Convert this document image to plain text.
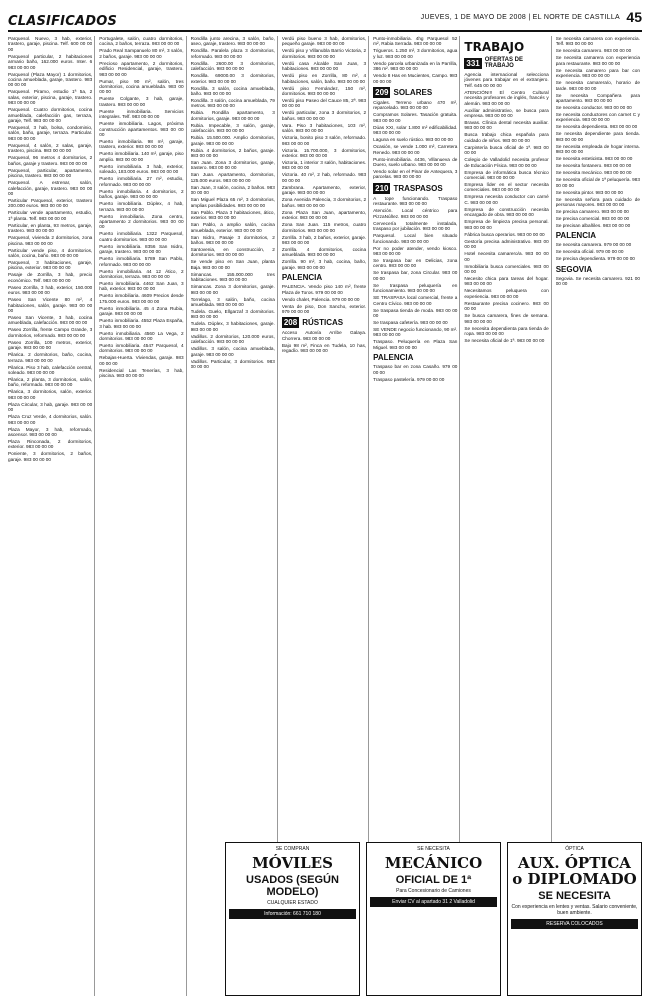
CLASIFICADOS	JUEVES, 1 DE MAYO DE 2008 | EL NORTE DE CASTILLA 45
Parquesol. Nuevo, 3 hab, exterior, trastero, garaje, piscina. Telf. 600 00 00 00
Parquesol particular, 2 habitaciones armario baño, 162.000 euros. Inter. 6 983 00 00 00
Parquesol (Plaza Mayor) 1 dormitorios, cocina amueblada, garaje, trastero. 983 00 00 00
Parquesol. Piramo, estudio 1ª 5a, 2 salas, exterior, piscina, garaje, trastero. 983 00 00 00
Parquesol. Cuatro dormitorios, cocina amueblada, calefacción gas, terraza, garaje, Telf. 983 00 00 00
Parquesol, 3 hab, bolsa, condominio, salón, baño, garaje, terraza. Particular. 983 00 00 00
Parquesol, 4 salón, 2 salas, garaje, trastero, piscina. 983 00 00 00
Parquesol, 96 metros 4 dormitorios, 2 baños, garaje y trastero. 983 00 00 00
Parquesol, particular, apartamento, piscina, trastero. 983 00 00 00
Parquesol. A estrenar, salón, calefacción, garaje, trastero. 983 00 00 00
Particular Parquesol, exterior, trastero 200.000 euros. 983 00 00 00
Particular vende apartamento, estudio, 1ª planta. Telf. 983 00 00 00
Particular, en planta, 93 metros, garaje, trastero. 983 00 00 00
Parquesol, vivienda 2 dormitorios, zona piscina. 983 00 00 00
Particular vende piso, 4 dormitorios, salón, cocina, baño. 983 00 00 00
Parquesol, 3 habitaciones, garaje, piscina, exterior. 983 00 00 00
Pasaje de Zorrilla, 3 hab, precio económico. Telf. 983 00 00 00
Paseo Zorrilla, 3 hab, exterior, 150.000 euros. 983 00 00 00
Paseo San Vicente 80 m², 4 habitaciones, salón, garaje. 983 00 00 00
Paseo San Vicente, 3 hab, cocina amueblada, calefacción. 983 00 00 00
Paseo Zorrilla, frente Campo Grande, 3 dormitorios, reformado. 983 00 00 00
Paseo Zorrilla, 100 metros, exterior, garaje. 983 00 00 00
Pilarica. 2 dormitorios, baño, cocina, terraza. 983 00 00 00
Pilarica. Piso 3 hab, calefacción central, soleado. 983 00 00 00
Pilarica, 2 planta, 3 dormitorios, salón, baño, reformado. 983 00 00 00
Pilarica, 3 dormitorios, salón, exterior. 983 00 00 00
Plaza Circular, 3 hab, garaje. 983 00 00 00
Plaza Cruz Verde, 4 dormitorios, salón. 983 00 00 00
Plaza Mayor, 3 hab, reformado, ascensor. 983 00 00 00
Plaza Rinconada, 2 dormitorios, exterior. 983 00 00 00
Poniente, 3 dormitorios, 2 baños, garaje. 983 00 00 00
Portugalete, salón, cuatro dormitorios, cocina, 2 baños, terraza. 983 00 00 00
Prado Real Sampanuelo 80 m², 3 salón, 2 baños, garaje. 983 00 00 00
Precioso apartamento, 2 dormitorios, edificio Residencial, garaje, trastero. 983 00 00 00
Pumar, piso 90 m², salón, tres dormitorios, cocina amueblada. 983 00 00 00
Puente Colgante, 3 hab, garaje, trastero. 983 00 00 00
Puente inmobiliaria. Servicios integrales. Telf. 983 00 00 00
Puente inmobiliaria. Lagos, próxima construcción apartamentos. 983 00 00 00
Puerto inmobiliaria. 98 m², garaje, trastero, exterior. 983 00 00 00
Puerto inmobiliaria. 140 m², garaje, piso amplio. 983 00 00 00
Puerto inmobiliaria. 3 hab, exterior, soleado, 183.000 euros. 983 00 00 00
Puerto inmobiliaria. 27 m², estudio, reformado. 983 00 00 00
Puerto inmobiliaria. 4 dormitorios, 2 baños, garaje. 983 00 00 00
Puerto inmobiliaria. Dúplex, 4 hab, terraza. 983 00 00 00
Puerto inmobiliaria. Zona centro, apartamento 2 dormitorios. 983 00 00 00
Puerto inmobiliaria. 1322 Parquesol, cuatro dormitorios. 983 00 00 00
Puerto inmobiliaria. 8356 San Isidro, garaje, trastero. 983 00 00 00
Puerto inmobiliaria. 5789 San Pablo, reformado. 983 00 00 00
Puerto inmobiliaria. 44 12 Ático, 2 dormitorios, terraza. 983 00 00 00
Puerto inmobiliaria. 4462 San Juan, 3 hab, exterior. 983 00 00 00
Puerto inmobiliaria. 4609 Precios desde 175.000 euros. 983 00 00 00
Puerto inmobiliaria. 45 4 Zona Rubia, garaje. 983 00 00 00
Puerto inmobiliaria. 4552 Plaza España, 3 hab. 983 00 00 00
Puerto inmobiliaria. 4560 La Vega, 2 dormitorios. 983 00 00 00
Puerto inmobiliaria. 4547 Parquesol, 4 dormitorios. 983 00 00 00
Rebajas-Huerta. Viviendas, garaje. 983 00 00 00
Residencial Las Tenerías, 3 hab, piscina. 983 00 00 00
Rondilla junto arecina, 3 salón, baño, aseo, garaje, trastero. 983 00 00 00
Rondilla. Paralela plaza 3 dormitorios, reformado. 983 00 00 00
Rondilla. 2600.00 3 dormitorios, calefacción. 983 00 00 00
Rondilla. 69000.00 3 dormitorios, exterior. 983 00 00 00
Rondilla. 3 salón, cocina amueblada, baño. 983 00 00 00
Rondilla. 3 salón, cocina amueblada, 79 metros. 983 00 00 00
Rubia. Rondilla apartamento, 3 dormitorios, garaje. 983 00 00 00
Rubia. Impecable, 3 salón, garaje, calefacción. 983 00 00 00
Rubia. 15.500.000. Amplio dormitorios, garaje. 983 00 00 00
Rubia. 4 dormitorios, 2 baños, garaje. 983 00 00 00
San Juan. Zona 3 dormitorios, garaje, trastero. 983 00 00 00
San Juan. Apartamento, dormitorios, 125.000 euros. 983 00 00 00
San Juan, 3 salón, cocina, 2 baños. 983 00 00 00
San Miguel Plaza 65 m², 3 dormitorios, amplias posibilidades. 983 00 00 00
San Pablo. Plaza 3 habitaciones, ático, exterior. 983 00 00 00
San Pablo, a amplio salón, cocina amueblada, exterior. 983 00 00 00
San Isidro, Pasaje 3 dormitorios, 2 baños. 983 00 00 00
Santovenia, en construcción, 2 dormitorios. 983 00 00 00
Se vende piso en San Juan, planta Baja. 983 00 00 00
Simancas. 155.000.000 tres habitaciones. 983 00 00 00
Simancas. Zona 3 dormitorios, garaje. 983 00 00 00
Torrelago, 3 salón, baño, cocina amueblada. 983 00 00 00
Tudela. Guelo, Ellgarzaf 3 dormitorios. 983 00 00 00
Tudela. Dúplex, 3 habitaciones, garaje. 983 00 00 00
Vadillos. 2 dormitorios, 120.000 euros, calefacción. 983 00 00 00
Vadillos. 3 salón, cocina amueblada, garaje. 983 00 00 00
Vadillos. Particular, 3 dormitorios. 983 00 00 00
Verdú piso bueno 3 hab, dormitorios, pequeño garaje. 983 00 00 00
Verdú piso y Villanubla Barrio Victoria, 2 dormitorios. 983 00 00 00
Verdú casa Alcalde San Juan, 3 habitaciones. 983 00 00 00
Verdú piso en Zorrilla, 80 m², 4 habitaciones, salón, baño. 983 00 00 00
Verdú piso Fernández, 150 m², dormitorios. 983 00 00 00
Verdú piso Paseo del Cauce 85, 2ª. 983 00 00 00
Verdú particular, zona 3 dormitorios, 2 baños. 983 00 00 00
Vara. Piso 3 habitaciones, 103 m², salón. 983 00 00 00
Victoria, bonito piso 3 salón, reformado. 983 00 00 00
Victoria. 15.700.000, 3 dormitorios, exterior. 983 00 00 00
Victoria, 1 interior 3 salón, habitaciones. 983 00 00 00
Victoria. 40 m², 2 hab, reformado. 983 00 00 00
Zambrana. Apartamento, exterior, garaje. 983 00 00 00
Zona Avenida Palencia, 3 dormitorios, 2 baños. 983 00 00 00
Zona Plaza San Juan, apartamento, exterior. 983 00 00 00
Zona San Juan. 115 metros, cuatro dormitorios. 983 00 00 00
Zorrilla. 3 hab, 2 baños, exterior, garaje. 983 00 00 00
Zorrilla. 4 dormitorios, cocina amueblada. 983 00 00 00
Zorrilla. 90 m², 3 hab, cocina, baño, garaje. 983 00 00 00
PALENCIA
PALENCIA. Vendo piso 140 m², frente Plaza de Toros. 979 00 00 00
Vendo chalet, Palencia. 979 00 00 00
Venta de piso, Don Sancho, exterior. 979 00 00 00
208 RÚSTICAS
Acceso Autovía Arribe Galaya. Chorrera. 983 00 00 00
Bajo 98 m², Finca en Tudela, 10 has, regadío. 983 00 00 00
Punto-inmobiliaria. 4hg Parquesol 52 m², Rabia Serrada. 983 00 00 00
Trigueros. 1.250 m², 3 dormitorios, agua y luz. 983 00 00 00
Vendo parcela urbanizada en la Parrilla, 386 m². 983 00 00 00
Vendo 8 Has en Mucientes, Campo. 983 00 00 00
209 SOLARES
Cigales. Terreno urbano 470 m², reparcelado. 983 00 00 00
Compramos Solares. Tasación gratuita. 983 00 00 00
Dúas XXI, solar 1.800 m² edificabilidad. 983 00 00 00
Laguna en suelo rústico. 983 00 00 00
Ocasión, se vende 1.000 m², Carretera Renedo. 983 00 00 00
Punto-inmobiliaria. 4436, Villanueva de Duero, suelo urbano. 983 00 00 00
Vendo solar en el Pinar de Antequera, 3 parcelas. 983 00 00 00
210 TRASPASOS
A tope funcionando. Traspaso restaurante. 983 00 00 00
Atención. Local céntrico para PizzaNúñez. 983 00 00 00
Cervecería totalmente instalada, traspaso por jubilación. 983 00 00 00
Parquesol. Local bien situado funcionando. 983 00 00 00
Por no poder atender, vendo kiosco. 983 00 00 00
Se traspasa bar en Delicias, zona centro. 983 00 00 00
Se traspasa bar, zona Circular. 983 00 00 00
Se traspasa peluquería en funcionamiento. 983 00 00 00
SE TRASPASA local comercial, frente a Centro Cívico. 983 00 00 00
Se traspasa tienda de moda. 983 00 00 00
Se traspasa cafetería. 983 00 00 00
SE VENDE negocio funcionando, 90 m². 983 00 00 00
Traspaso. Peluquería en Plaza San Miguel. 983 00 00 00
PALENCIA
Traspaso bar en zona Casaño. 979 00 00 00
Traspaso pastelería. 979 00 00 00
TRABAJO
331 OFERTAS DE TRABAJO
Agencia internacional selecciona jóvenes para trabajar en el extranjero. Telf. 645 00 00 00
ATENCIÓN!!! El Centro Cultural necesita profesores de inglés, francés y alemán. 983 00 00 00
Auxiliar administrativo, se busca para empresa. 983 00 00 00
Bravas. Clínica dental necesita auxiliar. 983 00 00 00
Busca trabajo chica española para cuidado de niños. 983 00 00 00
Carpintería busca oficial de 1ª. 983 00 00 00
Colegio de Valladolid necesita profesor de Educación Física. 983 00 00 00
Empresa de informática busca técnico comercial. 983 00 00 00
Empresa líder en el sector necesita comerciales. 983 00 00 00
Empresa necesita conductor con carné C. 983 00 00 00
Empresa de construcción necesita encargado de obra. 983 00 00 00
Empresa de limpieza precisa personal. 983 00 00 00
Fábrica busca operarios. 983 00 00 00
Gestoría precisa administrativo. 983 00 00 00
Hotel necesita camarero/a. 983 00 00 00
Inmobiliaria busca comerciales. 983 00 00 00
Necesito chica para tareas del hogar. 983 00 00 00
Necesitamos peluquera con experiencia. 983 00 00 00
Restaurante precisa cocinero. 983 00 00 00
Se busca camarera, fines de semana. 983 00 00 00
Se necesita dependienta para tienda de ropa. 983 00 00 00
Se necesita oficial de 1ª. 983 00 00 00
Se necesita camarera con experiencia. Telf. 983 00 00 00
Se necesita camarero. 983 00 00 00
Se necesita camarera con experiencia para restaurante. 983 00 00 00
Se necesita camarero para bar con experiencia. 983 00 00 00
Se necesita camarera/o, horario de tarde. 983 00 00 00
Se necesita Compañera para apartamento. 983 00 00 00
Se necesita conductor. 983 00 00 00
Se necesita conductores con carnet C y experiencia. 983 00 00 00
Se necesita dependienta. 983 00 00 00
Se necesita dependiente para tienda. 983 00 00 00
Se necesita empleada de hogar interna. 983 00 00 00
Se necesita esteticista. 983 00 00 00
Se necesita fontanero. 983 00 00 00
Se necesita mecánico. 983 00 00 00
Se necesita oficial de 1ª peluquería. 983 00 00 00
Se necesita pintor. 983 00 00 00
Se necesita señora para cuidado de personas mayores. 983 00 00 00
Se precisa camarero. 983 00 00 00
Se precisa comercial. 983 00 00 00
Se precisan albañiles. 983 00 00 00
PALENCIA
Se necesita camarera. 979 00 00 00
Se necesita oficial. 979 00 00 00
Se precisa dependienta. 979 00 00 00
SEGOVIA
Segovia. Se necesita camarero. 921 00 00 00
SE COMPRAN
MÓVILES
USADOS (SEGÚN MODELO)
CUALQUIER ESTADO
Información: 661 710 180
SE NECESITA
MECÁNICO
OFICIAL DE 1ª
Para Concesionario de Camiones
Enviar CV al apartado 31 2 Valladolid
ÓPTICA
AUX. ÓPTICA o DIPLOMADO
SE NECESITA
Con experiencia en lentes y ventas. Salario conveniente, buen ambiente.
RESERVA COLOCADOS
